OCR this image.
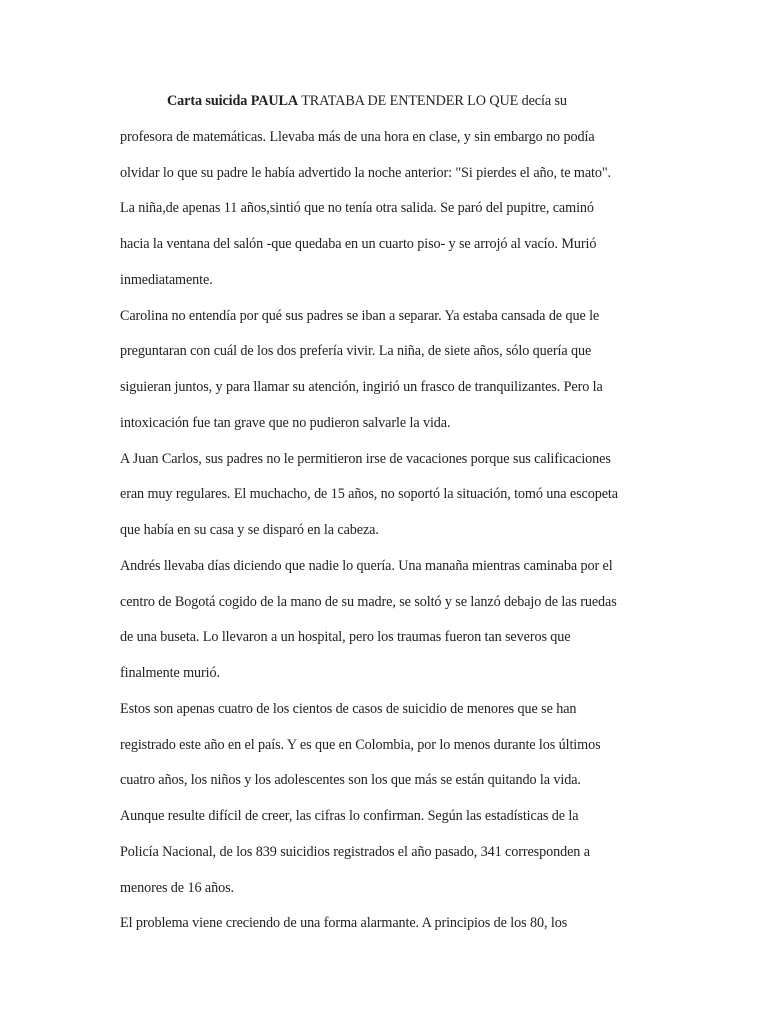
Carta suicida PAULA TRATABA DE ENTENDER LO QUE decía su
profesora de matemáticas. Llevaba más de una hora en clase, y sin embargo no podía
olvidar lo que su padre le había advertido la noche anterior: "Si pierdes el año, te mato".
La niña,de apenas 11 años,sintió que no tenía otra salida. Se paró del pupitre, caminó
hacia la ventana del salón -que quedaba en un cuarto piso- y se arrojó al vacío. Murió
inmediatamente.
Carolina no entendía por qué sus padres se iban a separar. Ya estaba cansada de que le
preguntaran con cuál de los dos prefería vivir. La niña, de siete años, sólo quería que
siguieran juntos, y para llamar su atención, ingirió un frasco de tranquilizantes. Pero la
intoxicación fue tan grave que no pudieron salvarle la vida.
A Juan Carlos, sus padres no le permitieron irse de vacaciones porque sus calificaciones
eran muy regulares. El muchacho, de 15 años, no soportó la situación, tomó una escopeta
que había en su casa y se disparó en la cabeza.
Andrés llevaba días diciendo que nadie lo quería. Una manaña mientras caminaba por el
centro de Bogotá cogido de la mano de su madre, se soltó y se lanzó debajo de las ruedas
de una buseta. Lo llevaron a un hospital, pero los traumas fueron tan severos que
finalmente murió.
Estos son apenas cuatro de los cientos de casos de suicidio de menores que se han
registrado este año en el país. Y es que en Colombia, por lo menos durante los últimos
cuatro años, los niños y los adolescentes son los que más se están quitando la vida.
Aunque resulte difícil de creer, las cifras lo confirman. Según las estadísticas de la
Policía Nacional, de los 839 suicidios registrados el año pasado, 341 corresponden a
menores de 16 años.
El problema viene creciendo de una forma alarmante. A principios de los 80, los
